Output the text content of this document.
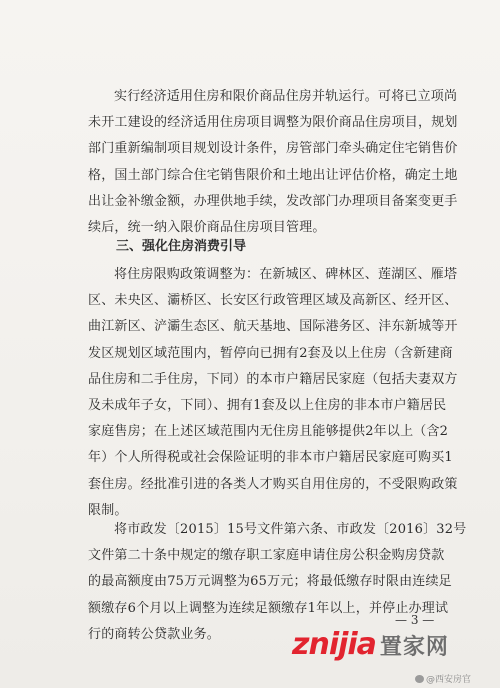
实行经济适用住房和限价商品住房并轨运行。可将已立项尚
未开工建设的经济适用住房项目调整为限价商品住房项目，规划
部门重新编制项目规划设计条件，房管部门牵头确定住宅销售价
格，国土部门综合住宅销售限价和土地出让评估价格，确定土地
出让金补缴金额，办理供地手续，发改部门办理项目备案变更手
续后，统一纳入限价商品住房项目管理。
三、强化住房消费引导
将住房限购政策调整为：在新城区、碑林区、莲湖区、雁塔
区、未央区、灞桥区、长安区行政管理区域及高新区、经开区、
曲江新区、浐灞生态区、航天基地、国际港务区、沣东新城等开
发区规划区域范围内，暂停向已拥有2套及以上住房（含新建商
品住房和二手住房，下同）的本市户籍居民家庭（包括夫妻双方
及未成年子女，下同）、拥有1套及以上住房的非本市户籍居民
家庭售房；在上述区域范围内无住房且能够提供2年以上（含2
年）个人所得税或社会保险证明的非本市户籍居民家庭可购买1
套住房。经批准引进的各类人才购买自用住房的，不受限购政策
限制。
将市政发〔2015〕15号文件第六条、市政发〔2016〕32号
文件第二十条中规定的缴存职工家庭申请住房公积金购房贷款
的最高额度由75万元调整为65万元；将最低缴存时限由连续足
额缴存6个月以上调整为连续足额缴存1年以上，并停止办理试
行的商转公贷款业务。
— 3 —
znijia 置家网
@西安房官
